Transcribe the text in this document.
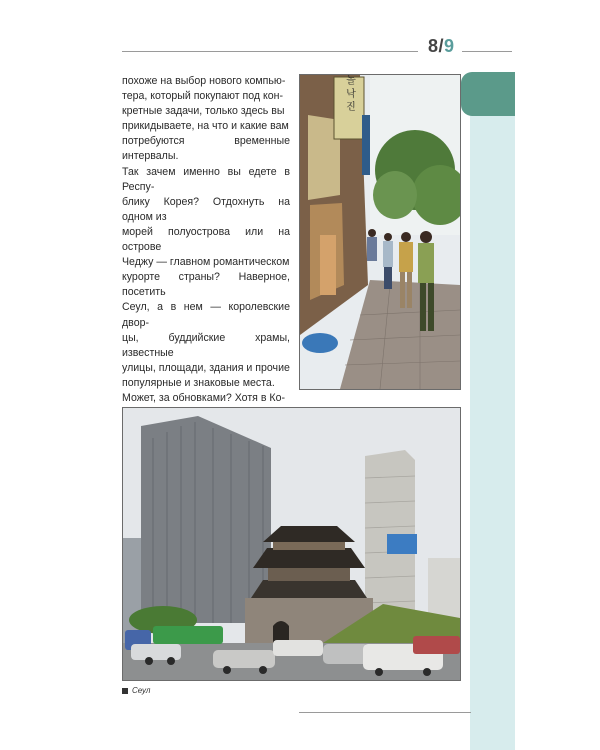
8/9

похоже на выбор нового компью-
тера, который покупают под кон-
кретные задачи, только здесь вы
прикидываете, на что и какие вам
потребуются временные интервалы.
Так зачем именно вы едете в Респу-
блику Корея? Отдохнуть на одном из
морей полуострова или на острове
Чеджу — главном романтическом
курорте страны? Наверное, посетить
Сеул, а в нем — королевские двор-
цы, буддийские храмы, известные
улицы, площади, здания и прочие
популярные и знаковые места.
Может, за обновками? Хотя в Ко-

놀 낙 진
Сеул
